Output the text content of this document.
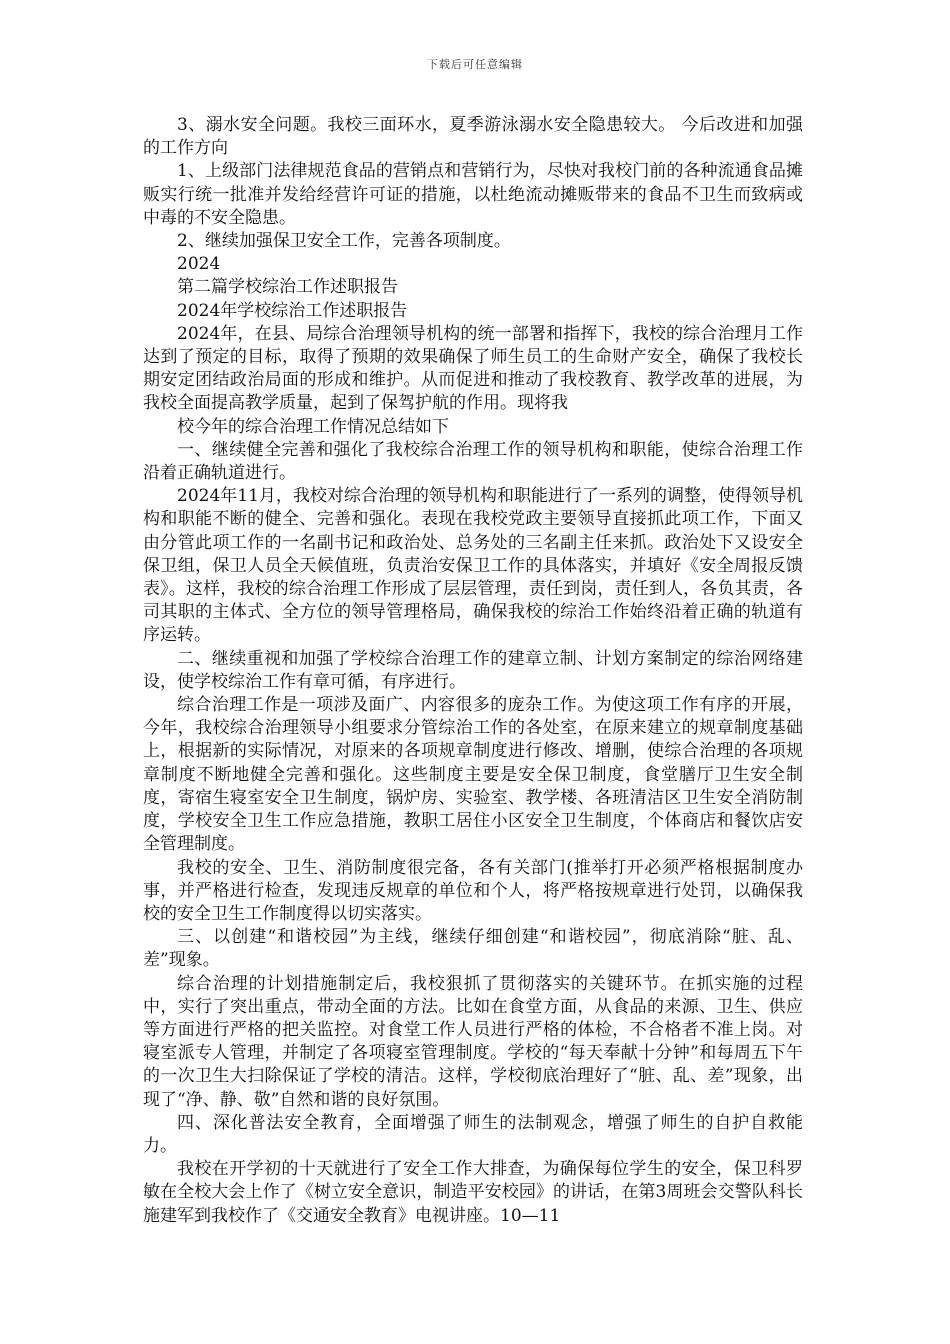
下载后可任意编辑

3、溺水安全问题。我校三面环水，夏季游泳溺水安全隐患较大。 今后改进和加强的工作方向

1、上级部门法律规范食品的营销点和营销行为，尽快对我校门前的各种流通食品摊贩实行统一批准并发给经营许可证的措施，以杜绝流动摊贩带来的食品不卫生而致病或中毒的不安全隐患。

2、继续加强保卫安全工作，完善各项制度。

2024

第二篇学校综治工作述职报告

2024年学校综治工作述职报告

2024年，在县、局综合治理领导机构的统一部署和指挥下，我校的综合治理月工作达到了预定的目标，取得了预期的效果确保了师生员工的生命财产安全，确保了我校长期安定团结政治局面的形成和维护。从而促进和推动了我校教育、教学改革的进展，为我校全面提高教学质量，起到了保驾护航的作用。现将我

校今年的综合治理工作情况总结如下

一、继续健全完善和强化了我校综合治理工作的领导机构和职能，使综合治理工作沿着正确轨道进行。

2024年11月，我校对综合治理的领导机构和职能进行了一系列的调整，使得领导机构和职能不断的健全、完善和强化。表现在我校党政主要领导直接抓此项工作，下面又由分管此项工作的一名副书记和政治处、总务处的三名副主任来抓。政治处下又设安全保卫组，保卫人员全天候值班，负责治安保卫工作的具体落实，并填好《安全周报反馈表》。这样，我校的综合治理工作形成了层层管理，责任到岗，责任到人，各负其责，各司其职的主体式、全方位的领导管理格局，确保我校的综治工作始终沿着正确的轨道有序运转。

二、继续重视和加强了学校综合治理工作的建章立制、计划方案制定的综治网络建设，使学校综治工作有章可循，有序进行。

综合治理工作是一项涉及面广、内容很多的庞杂工作。为使这项工作有序的开展，今年，我校综合治理领导小组要求分管综治工作的各处室，在原来建立的规章制度基础上，根据新的实际情况，对原来的各项规章制度进行修改、增删，使综合治理的各项规章制度不断地健全完善和强化。这些制度主要是安全保卫制度，食堂膳厅卫生安全制度，寄宿生寝室安全卫生制度，锅炉房、实验室、教学楼、各班清洁区卫生安全消防制度，学校安全卫生工作应急措施，教职工居住小区安全卫生制度，个体商店和餐饮店安全管理制度。

我校的安全、卫生、消防制度很完备，各有关部门(推举打开必须严格根据制度办事，并严格进行检查，发现违反规章的单位和个人，将严格按规章进行处罚，以确保我校的安全卫生工作制度得以切实落实。

三、以创建“和谐校园”为主线，继续仔细创建“和谐校园”，彻底消除“脏、乱、差”现象。

综合治理的计划措施制定后，我校狠抓了贯彻落实的关键环节。在抓实施的过程中，实行了突出重点，带动全面的方法。比如在食堂方面，从食品的来源、卫生、供应等方面进行严格的把关监控。对食堂工作人员进行严格的体检，不合格者不准上岗。对寝室派专人管理，并制定了各项寝室管理制度。学校的“每天奉献十分钟”和每周五下午的一次卫生大扫除保证了学校的清洁。这样，学校彻底治理好了“脏、乱、差”现象，出现了“净、静、敬”自然和谐的良好氛围。

四、深化普法安全教育，全面增强了师生的法制观念，增强了师生的自护自救能力。

我校在开学初的十天就进行了安全工作大排查，为确保每位学生的安全，保卫科罗敏在全校大会上作了《树立安全意识，制造平安校园》的讲话，在第3周班会交警队科长施建军到我校作了《交通安全教育》电视讲座。10—11
